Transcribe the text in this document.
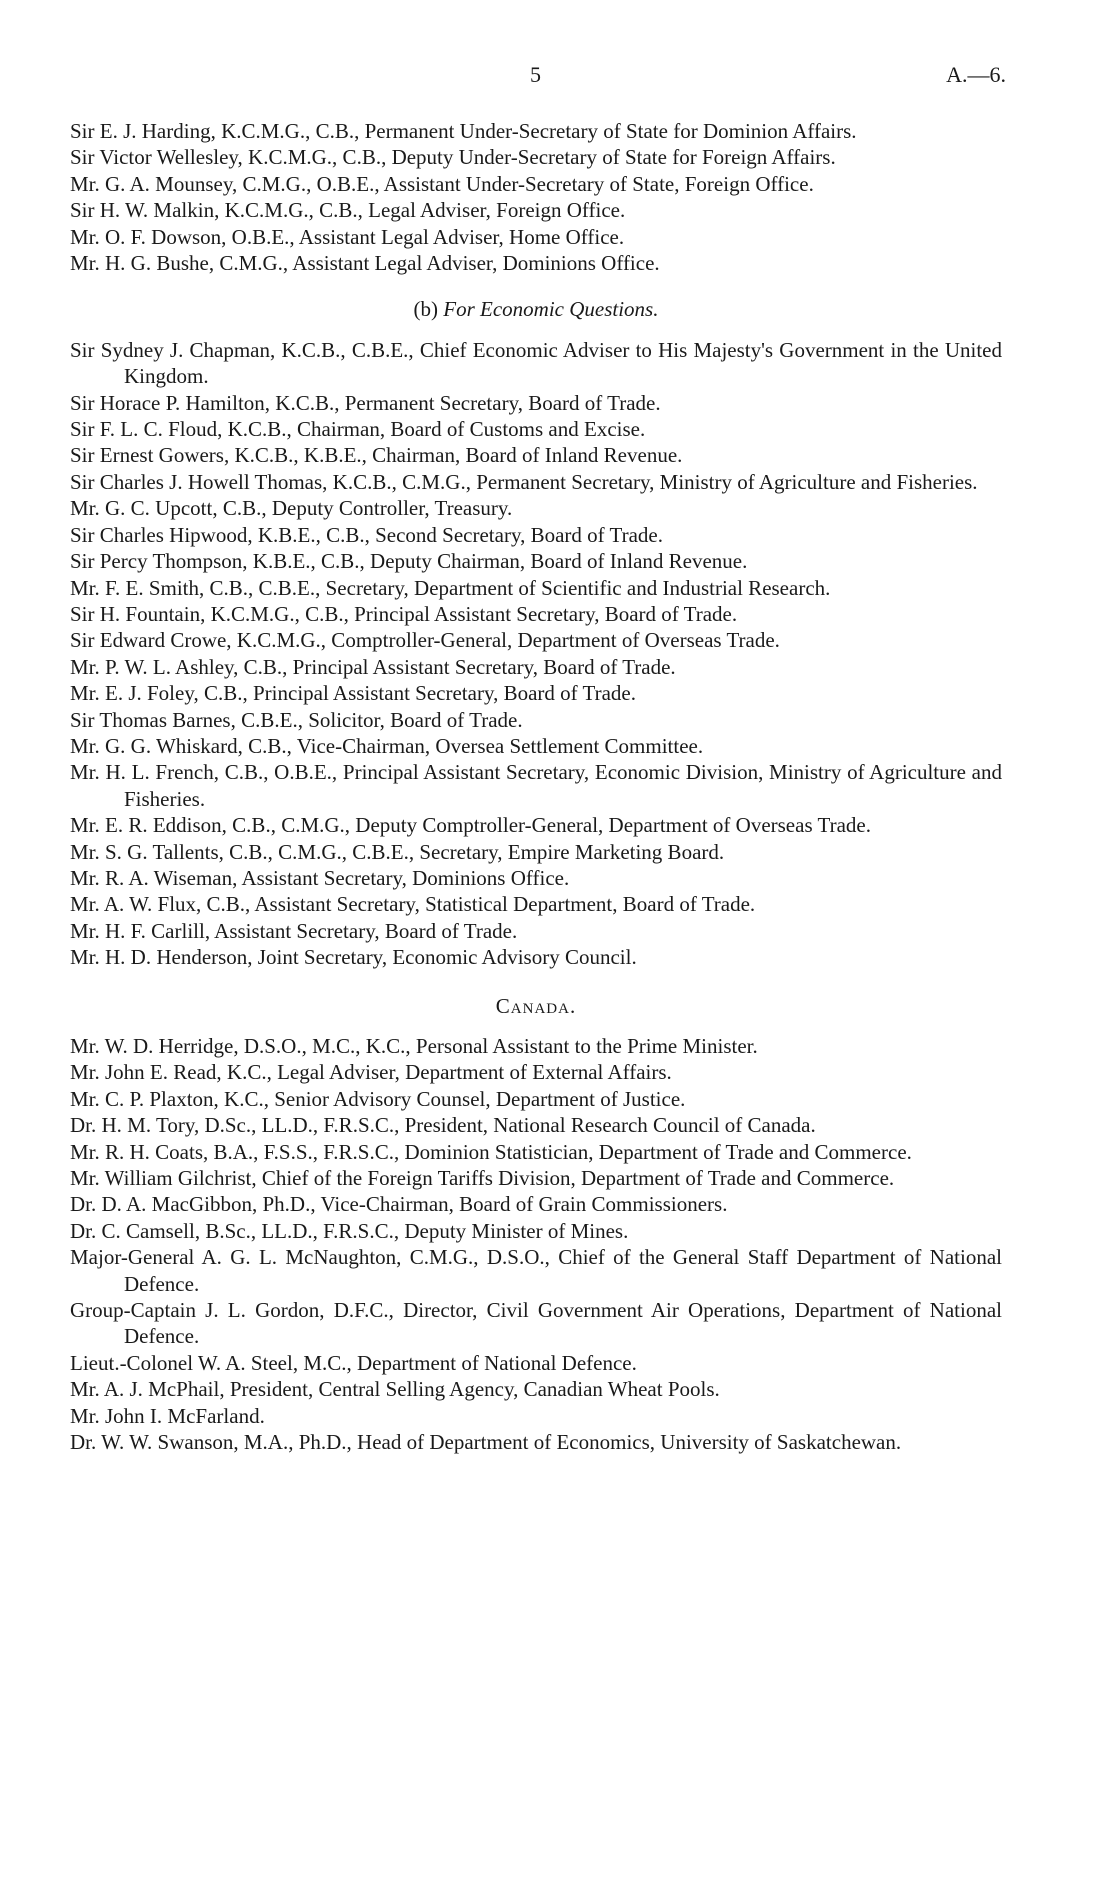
5	A.—6.

Sir E. J. Harding, K.C.M.G., C.B., Permanent Under-Secretary of State for Dominion Affairs.

Sir Victor Wellesley, K.C.M.G., C.B., Deputy Under-Secretary of State for Foreign Affairs.

Mr. G. A. Mounsey, C.M.G., O.B.E., Assistant Under-Secretary of State, Foreign Office.

Sir H. W. Malkin, K.C.M.G., C.B., Legal Adviser, Foreign Office.

Mr. O. F. Dowson, O.B.E., Assistant Legal Adviser, Home Office.

Mr. H. G. Bushe, C.M.G., Assistant Legal Adviser, Dominions Office.

(b) For Economic Questions.

Sir Sydney J. Chapman, K.C.B., C.B.E., Chief Economic Adviser to His Majesty's Government in the United Kingdom.

Sir Horace P. Hamilton, K.C.B., Permanent Secretary, Board of Trade.

Sir F. L. C. Floud, K.C.B., Chairman, Board of Customs and Excise.

Sir Ernest Gowers, K.C.B., K.B.E., Chairman, Board of Inland Revenue.

Sir Charles J. Howell Thomas, K.C.B., C.M.G., Permanent Secretary, Ministry of Agriculture and Fisheries.

Mr. G. C. Upcott, C.B., Deputy Controller, Treasury.

Sir Charles Hipwood, K.B.E., C.B., Second Secretary, Board of Trade.

Sir Percy Thompson, K.B.E., C.B., Deputy Chairman, Board of Inland Revenue.

Mr. F. E. Smith, C.B., C.B.E., Secretary, Department of Scientific and Industrial Research.

Sir H. Fountain, K.C.M.G., C.B., Principal Assistant Secretary, Board of Trade.

Sir Edward Crowe, K.C.M.G., Comptroller-General, Department of Overseas Trade.

Mr. P. W. L. Ashley, C.B., Principal Assistant Secretary, Board of Trade.

Mr. E. J. Foley, C.B., Principal Assistant Secretary, Board of Trade.

Sir Thomas Barnes, C.B.E., Solicitor, Board of Trade.

Mr. G. G. Whiskard, C.B., Vice-Chairman, Oversea Settlement Committee.

Mr. H. L. French, C.B., O.B.E., Principal Assistant Secretary, Economic Division, Ministry of Agriculture and Fisheries.

Mr. E. R. Eddison, C.B., C.M.G., Deputy Comptroller-General, Department of Overseas Trade.

Mr. S. G. Tallents, C.B., C.M.G., C.B.E., Secretary, Empire Marketing Board.

Mr. R. A. Wiseman, Assistant Secretary, Dominions Office.

Mr. A. W. Flux, C.B., Assistant Secretary, Statistical Department, Board of Trade.

Mr. H. F. Carlill, Assistant Secretary, Board of Trade.

Mr. H. D. Henderson, Joint Secretary, Economic Advisory Council.

Canada.

Mr. W. D. Herridge, D.S.O., M.C., K.C., Personal Assistant to the Prime Minister.

Mr. John E. Read, K.C., Legal Adviser, Department of External Affairs.

Mr. C. P. Plaxton, K.C., Senior Advisory Counsel, Department of Justice.

Dr. H. M. Tory, D.Sc., LL.D., F.R.S.C., President, National Research Council of Canada.

Mr. R. H. Coats, B.A., F.S.S., F.R.S.C., Dominion Statistician, Department of Trade and Commerce.

Mr. William Gilchrist, Chief of the Foreign Tariffs Division, Department of Trade and Commerce.

Dr. D. A. MacGibbon, Ph.D., Vice-Chairman, Board of Grain Commissioners.

Dr. C. Camsell, B.Sc., LL.D., F.R.S.C., Deputy Minister of Mines.

Major-General A. G. L. McNaughton, C.M.G., D.S.O., Chief of the General Staff Department of National Defence.

Group-Captain J. L. Gordon, D.F.C., Director, Civil Government Air Operations, Department of National Defence.

Lieut.-Colonel W. A. Steel, M.C., Department of National Defence.

Mr. A. J. McPhail, President, Central Selling Agency, Canadian Wheat Pools.

Mr. John I. McFarland.

Dr. W. W. Swanson, M.A., Ph.D., Head of Department of Economics, University of Saskatchewan.
